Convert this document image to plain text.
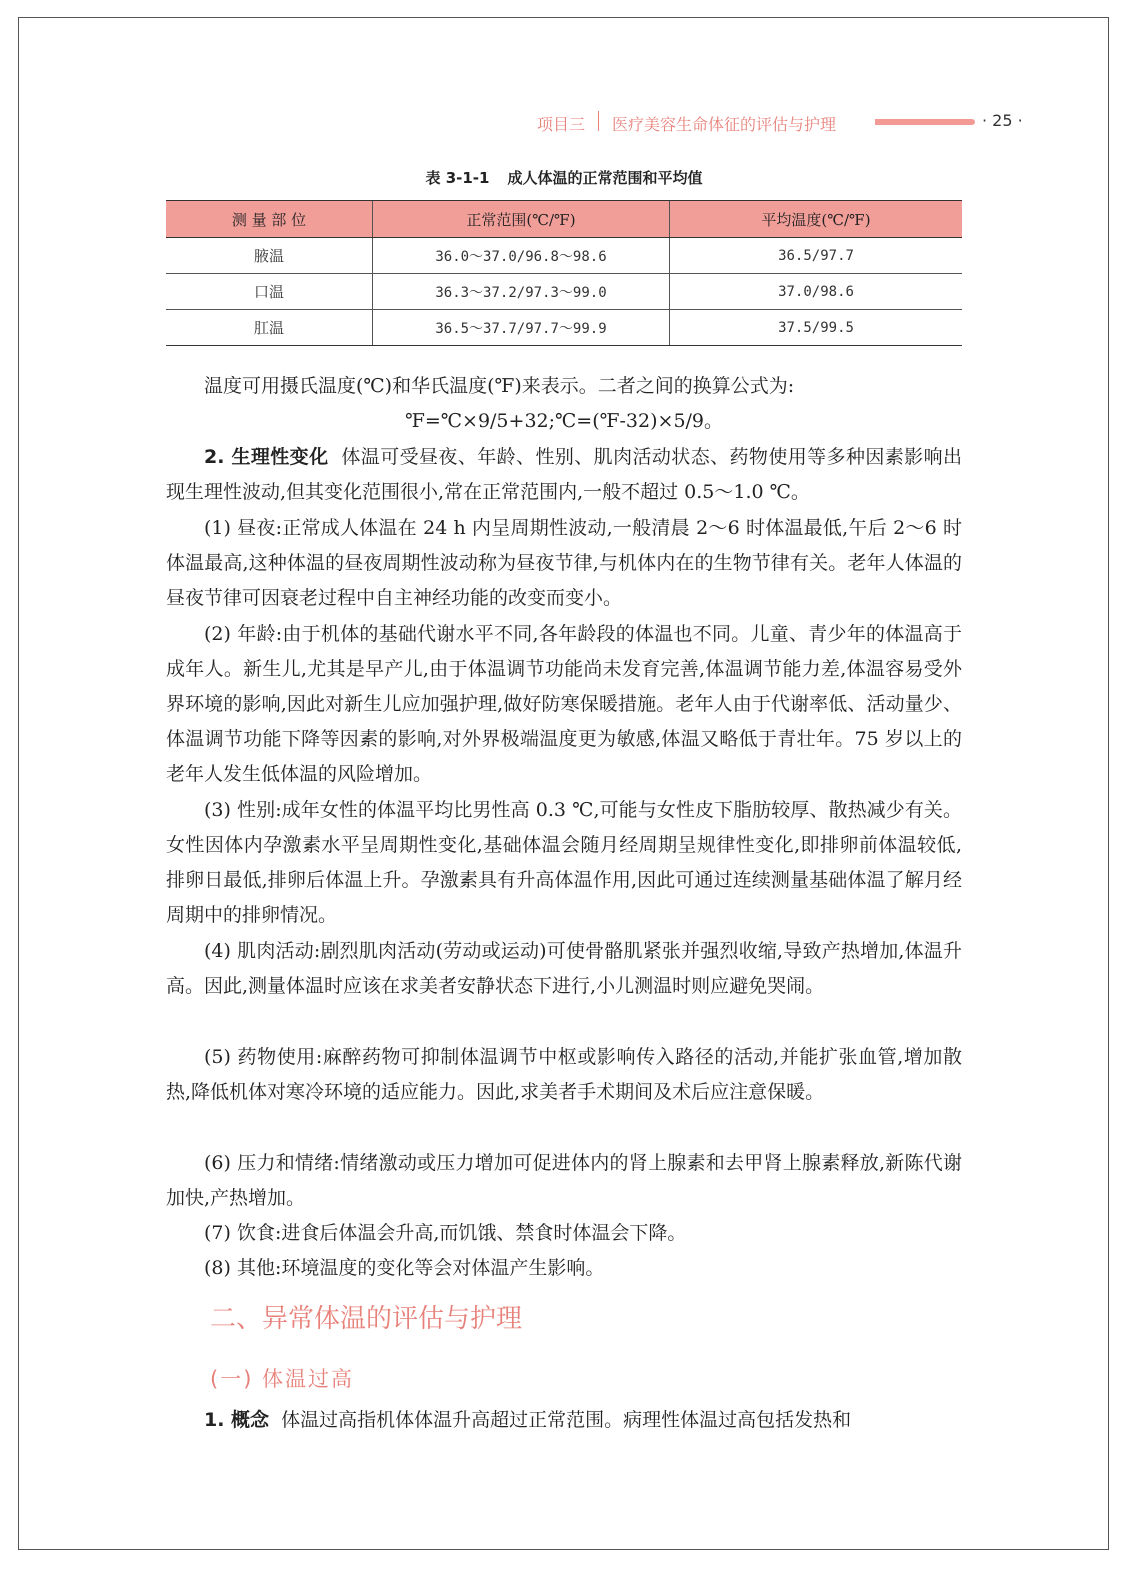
项目三 医疗美容生命体征的评估与护理	· 25 ·
表 3-1-1 成人体温的正常范围和平均值
测 量 部 位	正常范围(℃/℉)	平均温度(℃/℉)
腋温	36.0～37.0/96.8～98.6	36.5/97.7
口温	36.3～37.2/97.3～99.0	37.0/98.6
肛温	36.5～37.7/97.7～99.9	37.5/99.5
温度可用摄氏温度(℃)和华氏温度(℉)来表示。二者之间的换算公式为:
℉=℃×9/5+32;℃=(℉-32)×5/9。
2. 生理性变化 体温可受昼夜、年龄、性别、肌肉活动状态、药物使用等多种因素影响出现生理性波动,但其变化范围很小,常在正常范围内,一般不超过 0.5～1.0 ℃。
(1) 昼夜:正常成人体温在 24 h 内呈周期性波动,一般清晨 2～6 时体温最低,午后 2～6 时体温最高,这种体温的昼夜周期性波动称为昼夜节律,与机体内在的生物节律有关。老年人体温的昼夜节律可因衰老过程中自主神经功能的改变而变小。
(2) 年龄:由于机体的基础代谢水平不同,各年龄段的体温也不同。儿童、青少年的体温高于成年人。新生儿,尤其是早产儿,由于体温调节功能尚未发育完善,体温调节能力差,体温容易受外界环境的影响,因此对新生儿应加强护理,做好防寒保暖措施。老年人由于代谢率低、活动量少、体温调节功能下降等因素的影响,对外界极端温度更为敏感,体温又略低于青壮年。75 岁以上的老年人发生低体温的风险增加。
(3) 性别:成年女性的体温平均比男性高 0.3 ℃,可能与女性皮下脂肪较厚、散热减少有关。女性因体内孕激素水平呈周期性变化,基础体温会随月经周期呈规律性变化,即排卵前体温较低,排卵日最低,排卵后体温上升。孕激素具有升高体温作用,因此可通过连续测量基础体温了解月经周期中的排卵情况。
(4) 肌肉活动:剧烈肌肉活动(劳动或运动)可使骨骼肌紧张并强烈收缩,导致产热增加,体温升高。因此,测量体温时应该在求美者安静状态下进行,小儿测温时则应避免哭闹。
(5) 药物使用:麻醉药物可抑制体温调节中枢或影响传入路径的活动,并能扩张血管,增加散热,降低机体对寒冷环境的适应能力。因此,求美者手术期间及术后应注意保暖。
(6) 压力和情绪:情绪激动或压力增加可促进体内的肾上腺素和去甲肾上腺素释放,新陈代谢加快,产热增加。
(7) 饮食:进食后体温会升高,而饥饿、禁食时体温会下降。
(8) 其他:环境温度的变化等会对体温产生影响。
二、异常体温的评估与护理
(一) 体温过高
1. 概念 体温过高指机体体温升高超过正常范围。病理性体温过高包括发热和
